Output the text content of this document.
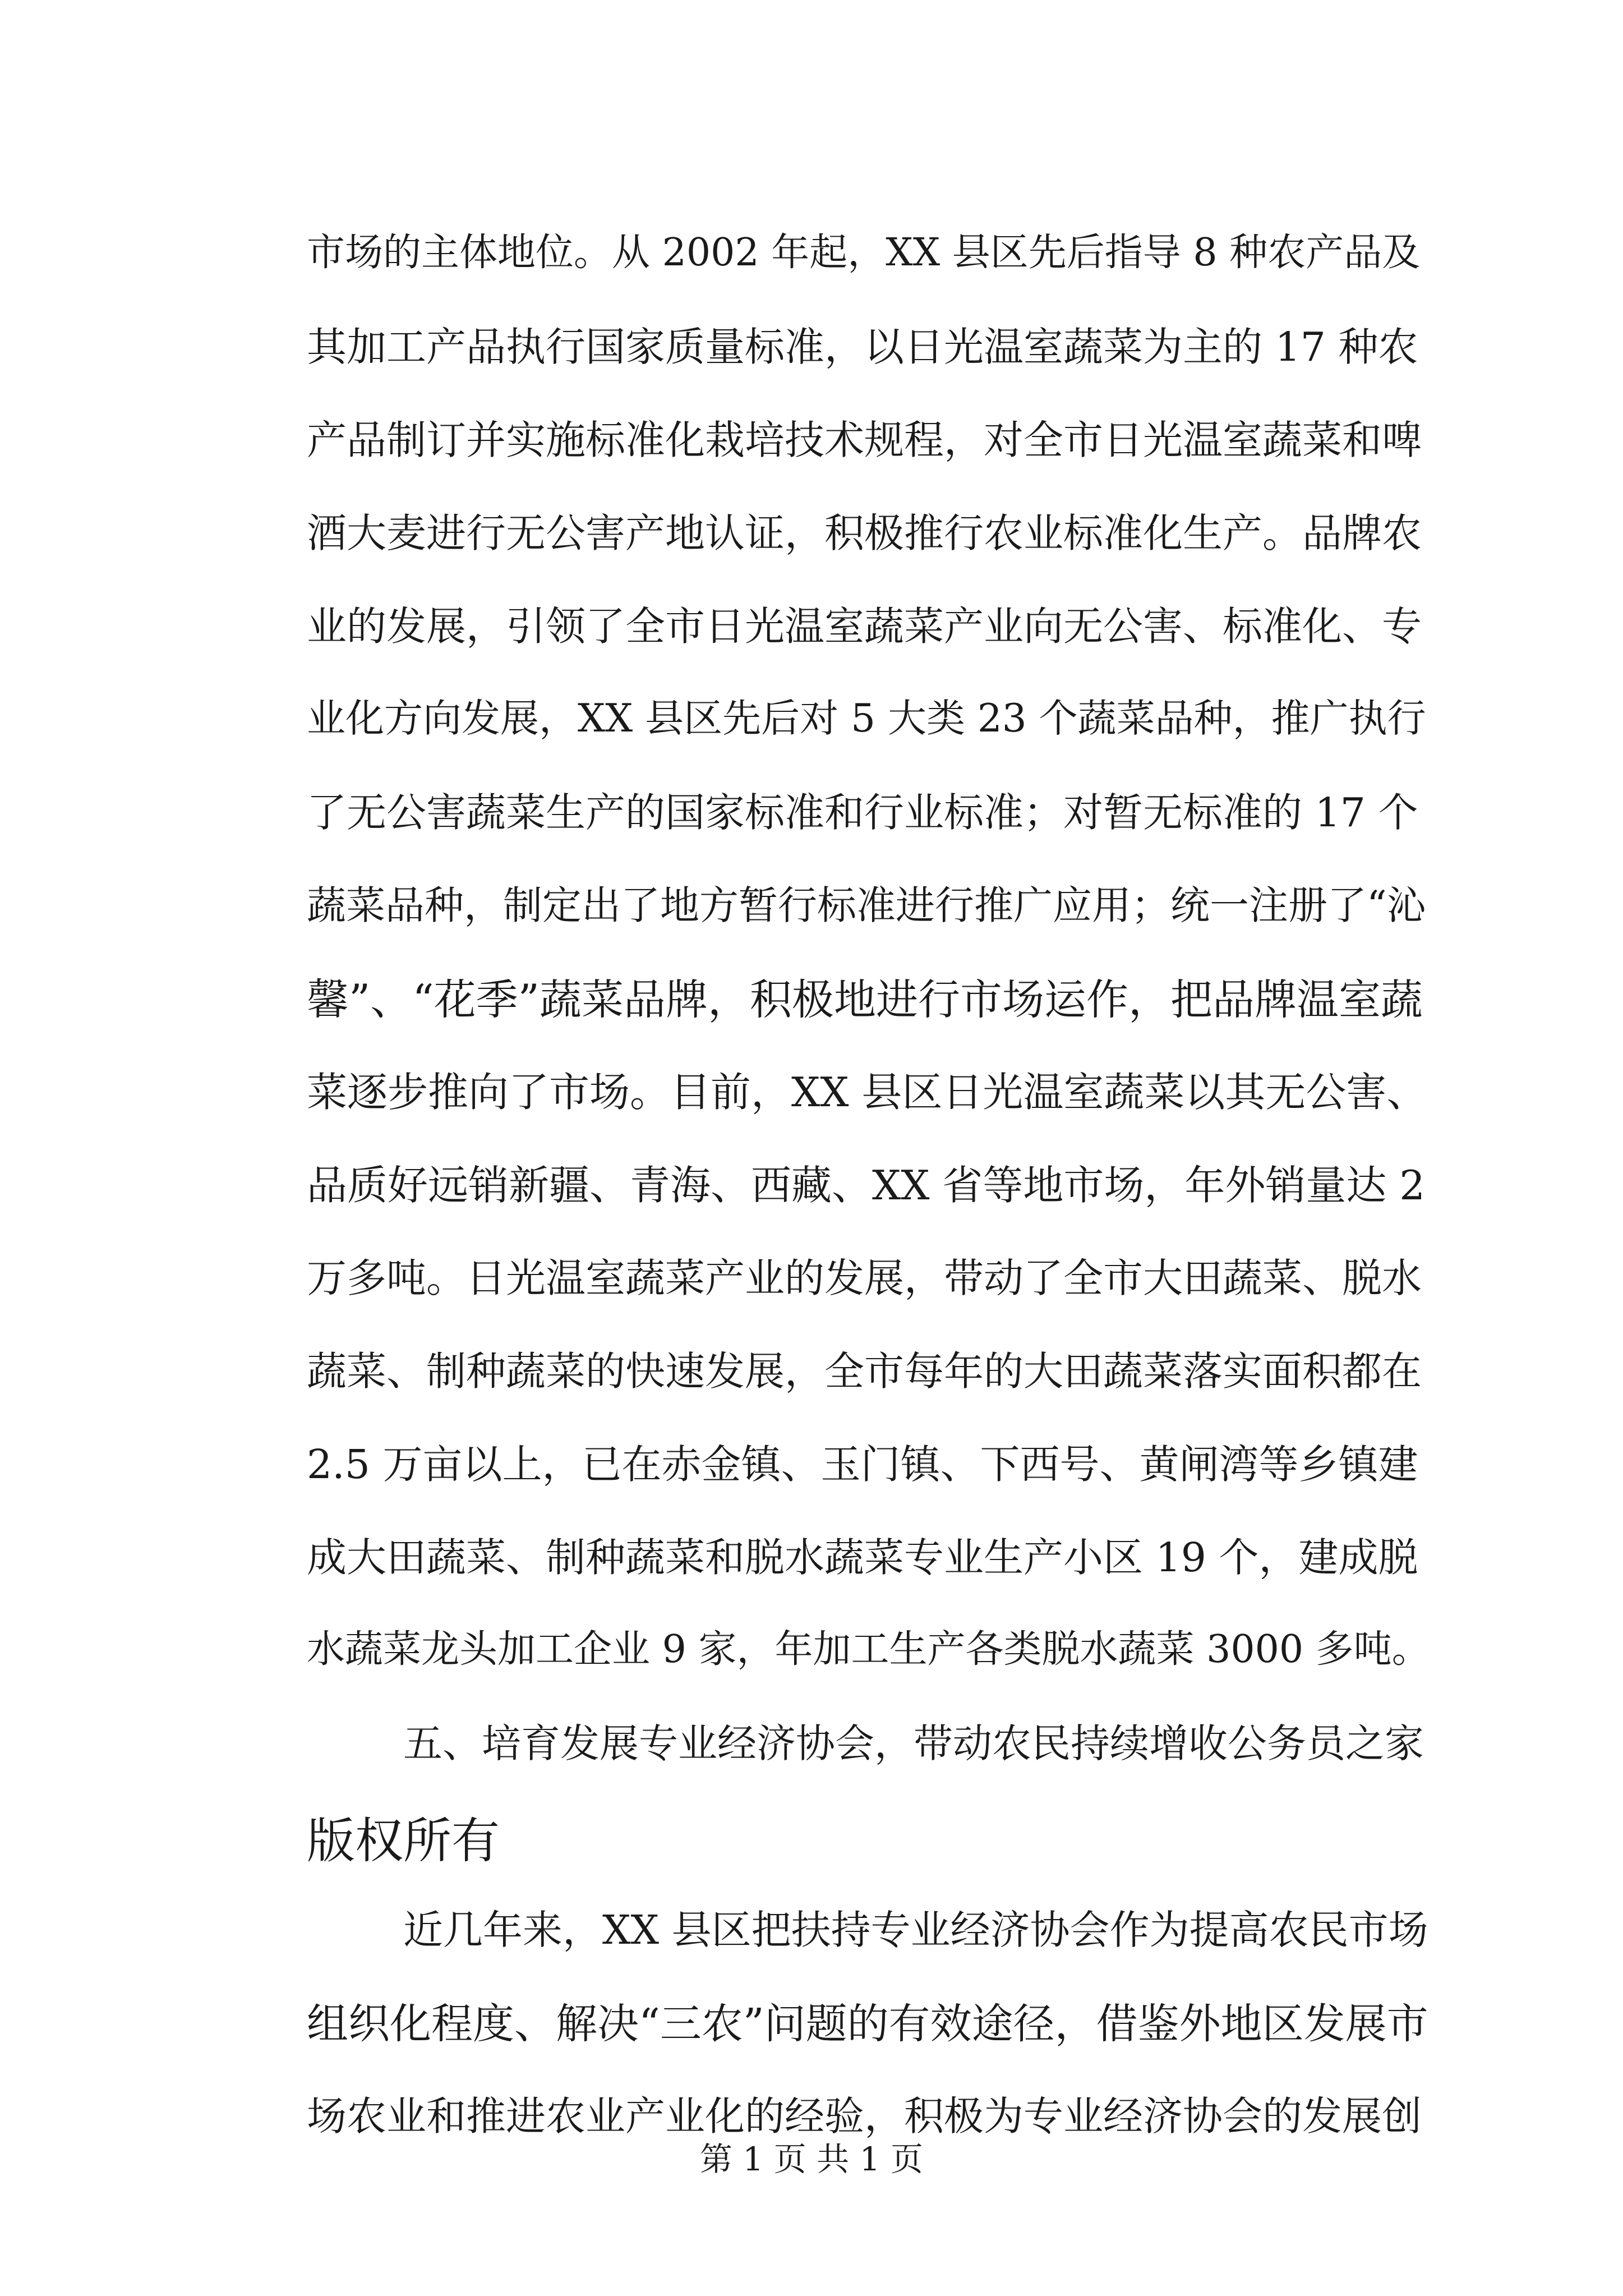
市场的主体地位。从 2002 年起，XX 县区先后指导 8 种农产品及
其加工产品执行国家质量标准，以日光温室蔬菜为主的 17 种农
产品制订并实施标准化栽培技术规程，对全市日光温室蔬菜和啤
酒大麦进行无公害产地认证，积极推行农业标准化生产。品牌农
业的发展，引领了全市日光温室蔬菜产业向无公害、标准化、专
业化方向发展，XX 县区先后对 5 大类 23 个蔬菜品种，推广执行
了无公害蔬菜生产的国家标准和行业标准；对暂无标准的 17 个
蔬菜品种，制定出了地方暂行标准进行推广应用；统一注册了“沁
馨”、“花季”蔬菜品牌，积极地进行市场运作，把品牌温室蔬
菜逐步推向了市场。目前，XX 县区日光温室蔬菜以其无公害、
品质好远销新疆、青海、西藏、XX 省等地市场，年外销量达 2
万多吨。日光温室蔬菜产业的发展，带动了全市大田蔬菜、脱水
蔬菜、制种蔬菜的快速发展，全市每年的大田蔬菜落实面积都在
2.5 万亩以上，已在赤金镇、玉门镇、下西号、黄闸湾等乡镇建
成大田蔬菜、制种蔬菜和脱水蔬菜专业生产小区 19 个，建成脱
水蔬菜龙头加工企业 9 家，年加工生产各类脱水蔬菜 3000 多吨。
五、培育发展专业经济协会，带动农民持续增收公务员之家
版权所有
近几年来，XX 县区把扶持专业经济协会作为提高农民市场
组织化程度、解决“三农”问题的有效途径，借鉴外地区发展市
场农业和推进农业产业化的经验，积极为专业经济协会的发展创
第 1 页 共 1 页
